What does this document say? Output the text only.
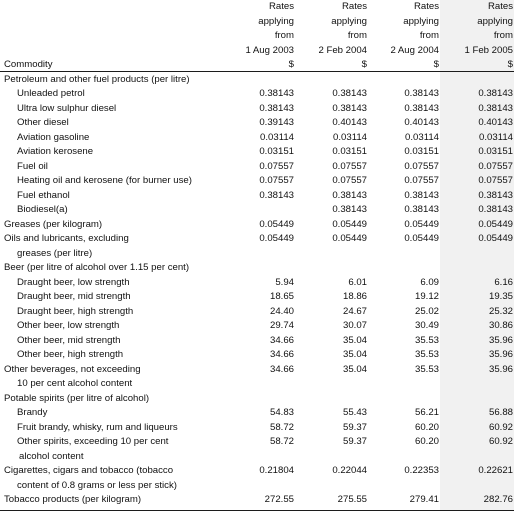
	Rates	Rates	Rates	Rates
	applying	applying	applying	applying
	from	from	from	from
	1 Aug 2003	2 Feb 2004	2 Aug 2004	1 Feb 2005
Commodity	$	$	$	$
Petroleum and other fuel products (per litre)				
Unleaded petrol	0.38143	0.38143	0.38143	0.38143
Ultra low sulphur diesel	0.38143	0.38143	0.38143	0.38143
Other diesel	0.39143	0.40143	0.40143	0.40143
Aviation gasoline	0.03114	0.03114	0.03114	0.03114
Aviation kerosene	0.03151	0.03151	0.03151	0.03151
Fuel oil	0.07557	0.07557	0.07557	0.07557
Heating oil and kerosene (for burner use)	0.07557	0.07557	0.07557	0.07557
Fuel ethanol	0.38143	0.38143	0.38143	0.38143
Biodiesel(a)		0.38143	0.38143	0.38143
Greases (per kilogram)	0.05449	0.05449	0.05449	0.05449
Oils and lubricants, excluding	0.05449	0.05449	0.05449	0.05449
greases (per litre)				
Beer (per litre of alcohol over 1.15 per cent)				
Draught beer, low strength	5.94	6.01	6.09	6.16
Draught beer, mid strength	18.65	18.86	19.12	19.35
Draught beer, high strength	24.40	24.67	25.02	25.32
Other beer, low strength	29.74	30.07	30.49	30.86
Other beer, mid strength	34.66	35.04	35.53	35.96
Other beer, high strength	34.66	35.04	35.53	35.96
Other beverages, not exceeding	34.66	35.04	35.53	35.96
10 per cent alcohol content				
Potable spirits (per litre of alcohol)				
Brandy	54.83	55.43	56.21	56.88
Fruit brandy, whisky, rum and liqueurs	58.72	59.37	60.20	60.92
Other spirits, exceeding 10 per cent	58.72	59.37	60.20	60.92
alcohol content				
Cigarettes, cigars and tobacco (tobacco	0.21804	0.22044	0.22353	0.22621
content of 0.8 grams or less per stick)				
Tobacco products (per kilogram)	272.55	275.55	279.41	282.76
